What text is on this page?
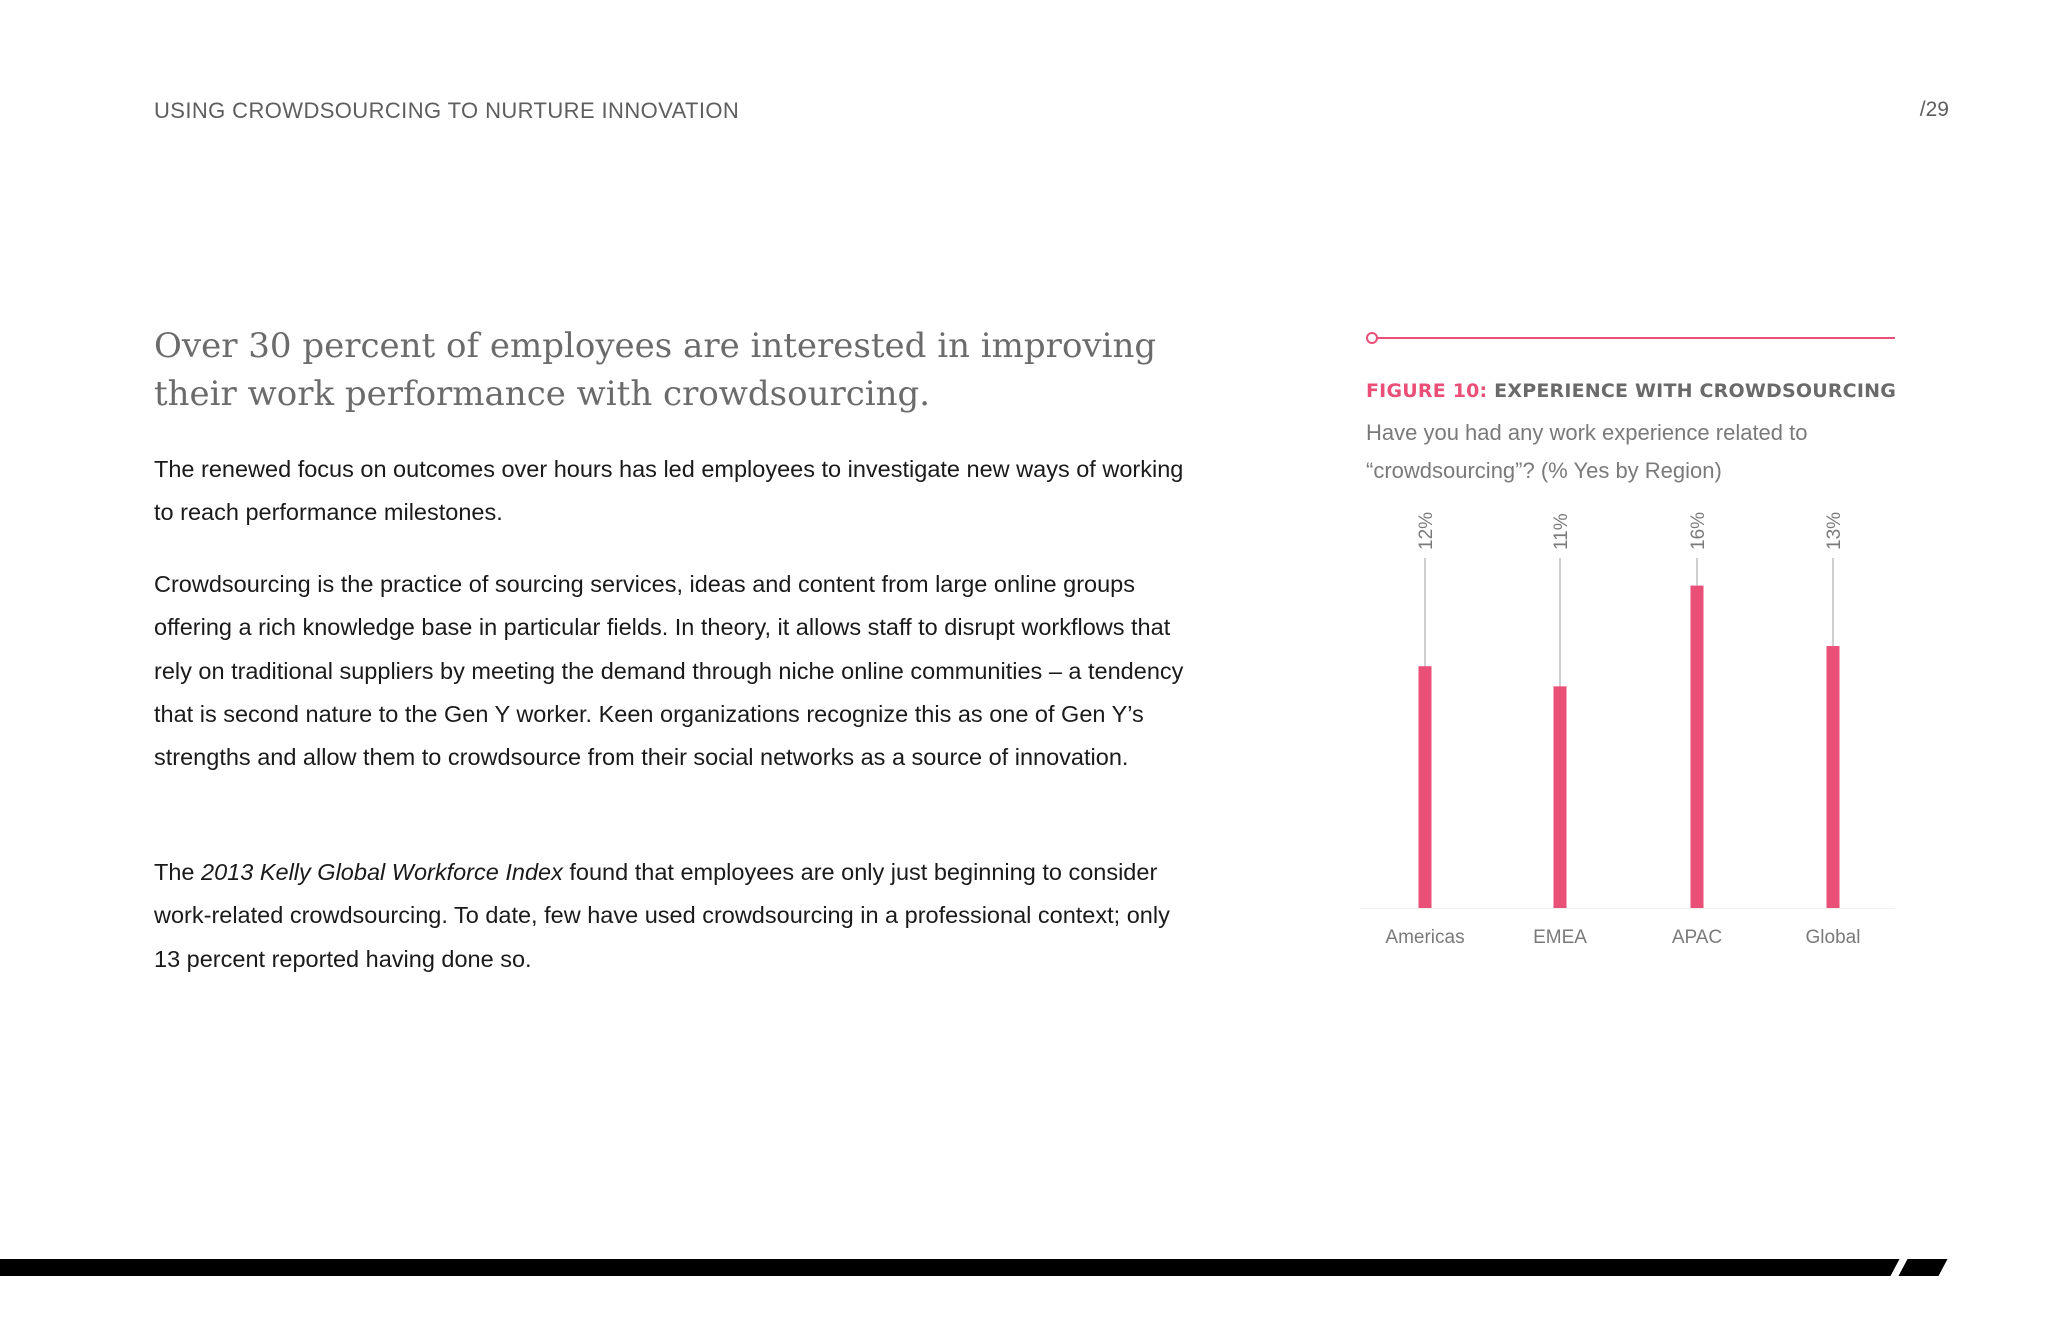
USING CROWDSOURCING TO NURTURE INNOVATION	/29
Over 30 percent of employees are interested in improving their work performance with crowdsourcing.

The renewed focus on outcomes over hours has led employees to investigate new ways of working to reach performance milestones.

Crowdsourcing is the practice of sourcing services, ideas and content from large online groups offering a rich knowledge base in particular fields. In theory, it allows staff to disrupt workflows that rely on traditional suppliers by meeting the demand through niche online communities – a tendency that is second nature to the Gen Y worker. Keen organizations recognize this as one of Gen Y’s strengths and allow them to crowdsource from their social networks as a source of innovation.

The 2013 Kelly Global Workforce Index found that employees are only just beginning to consider work-related crowdsourcing. To date, few have used crowdsourcing in a professional context; only 13 percent reported having done so.

FIGURE 10: EXPERIENCE WITH CROWDSOURCING
Have you had any work experience related to “crowdsourcing”? (% Yes by Region)
12%
Americas
11%
EMEA
16%
APAC
13%
Global
